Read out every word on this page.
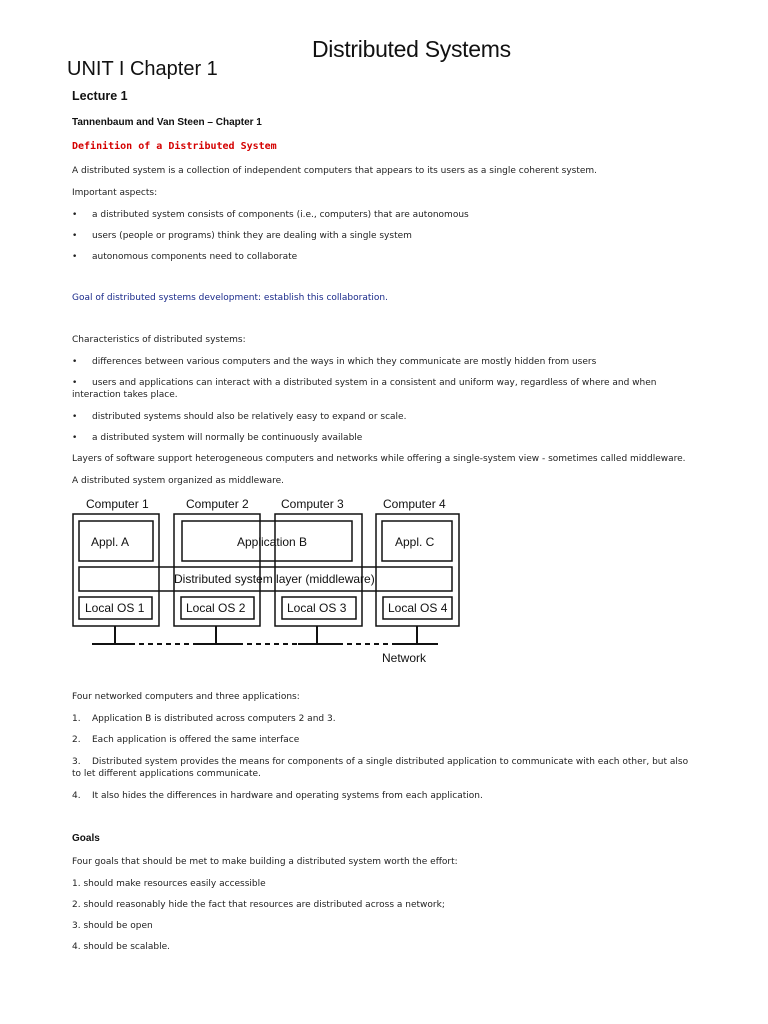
Distributed Systems
UNIT I Chapter 1
Lecture 1
Tannenbaum and Van Steen – Chapter 1
Definition of a Distributed System
A distributed system is a collection of independent computers that appears to its users as a single coherent system.
Important aspects:
• a distributed system consists of components (i.e., computers) that are autonomous
• users (people or programs) think they are dealing with a single system
• autonomous components need to collaborate
Goal of distributed systems development: establish this collaboration.
Characteristics of distributed systems:
• differences between various computers and the ways in which they communicate are mostly hidden from users
• users and applications can interact with a distributed system in a consistent and uniform way, regardless of where and when interaction takes place.
• distributed systems should also be relatively easy to expand or scale.
• a distributed system will normally be continuously available
Layers of software support heterogeneous computers and networks while offering a single-system view - sometimes called middleware.
A distributed system organized as middleware.
Computer 1	Computer 2	Computer 3	Computer 4
Appl. A	Application B	Appl. C
Distributed system layer (middleware)
Local OS 1	Local OS 2	Local OS 3	Local OS 4
Network
Four networked computers and three applications:
1. Application B is distributed across computers 2 and 3.
2. Each application is offered the same interface
3. Distributed system provides the means for components of a single distributed application to communicate with each other, but also to let different applications communicate.
4. It also hides the differences in hardware and operating systems from each application.
Goals
Four goals that should be met to make building a distributed system worth the effort:
1. should make resources easily accessible
2. should reasonably hide the fact that resources are distributed across a network;
3. should be open
4. should be scalable.
